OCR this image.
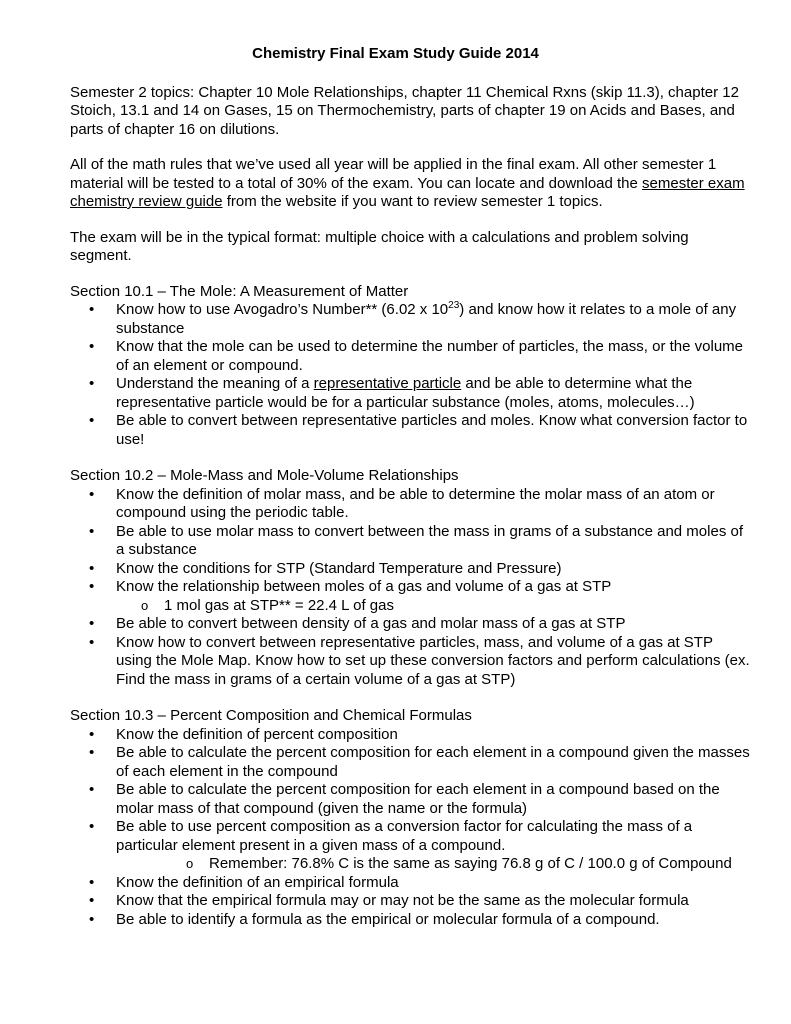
Chemistry Final Exam Study Guide 2014

Semester 2 topics: Chapter 10 Mole Relationships, chapter 11 Chemical Rxns (skip 11.3), chapter 12 Stoich, 13.1 and 14 on Gases, 15 on Thermochemistry, parts of chapter 19 on Acids and Bases, and parts of chapter 16 on dilutions.

All of the math rules that we’ve used all year will be applied in the final exam. All other semester 1 material will be tested to a total of 30% of the exam. You can locate and download the semester exam chemistry review guide from the website if you want to review semester 1 topics.

The exam will be in the typical format: multiple choice with a calculations and problem solving segment.

Section 10.1 – The Mole: A Measurement of Matter
• Know how to use Avogadro’s Number** (6.02 x $10^{23}$) and know how it relates to a mole of any substance
• Know that the mole can be used to determine the number of particles, the mass, or the volume of an element or compound.
• Understand the meaning of a representative particle and be able to determine what the representative particle would be for a particular substance (moles, atoms, molecules…)
• Be able to convert between representative particles and moles. Know what conversion factor to use!
Section 10.2 – Mole-Mass and Mole-Volume Relationships
• Know the definition of molar mass, and be able to determine the molar mass of an atom or compound using the periodic table.
• Be able to use molar mass to convert between the mass in grams of a substance and moles of a substance
• Know the conditions for STP (Standard Temperature and Pressure)
• Know the relationship between moles of a gas and volume of a gas at STP
o 1 mol gas at STP** = 22.4 L of gas
• Be able to convert between density of a gas and molar mass of a gas at STP
• Know how to convert between representative particles, mass, and volume of a gas at STP using the Mole Map. Know how to set up these conversion factors and perform calculations (ex. Find the mass in grams of a certain volume of a gas at STP)
Section 10.3 – Percent Composition and Chemical Formulas
• Know the definition of percent composition
• Be able to calculate the percent composition for each element in a compound given the masses of each element in the compound
• Be able to calculate the percent composition for each element in a compound based on the molar mass of that compound (given the name or the formula)
• Be able to use percent composition as a conversion factor for calculating the mass of a particular element present in a given mass of a compound.
o Remember: 76.8% C is the same as saying 76.8 g of C / 100.0 g of Compound
• Know the definition of an empirical formula
• Know that the empirical formula may or may not be the same as the molecular formula
• Be able to identify a formula as the empirical or molecular formula of a compound.
